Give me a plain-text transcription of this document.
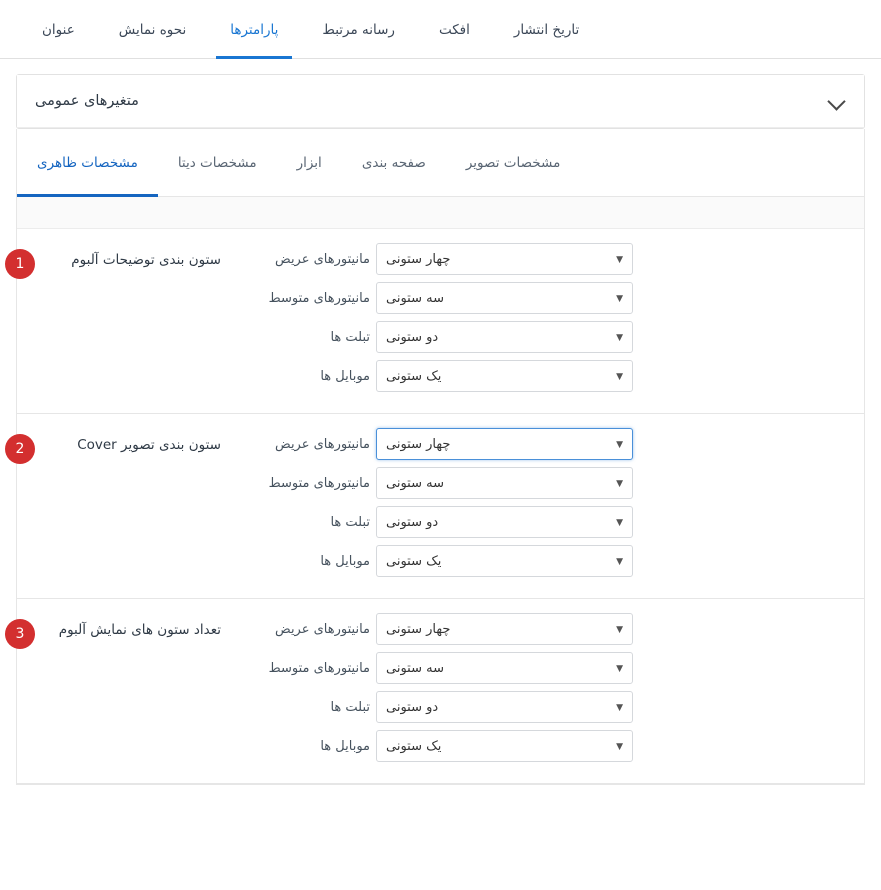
عنوان	نحوه نمایش	پارامترها	رسانه مرتبط	افکت	تاریخ انتشار
متغیرهای عمومی
مشخصات ظاهری	مشخصات دیتا	ابزار	صفحه بندی	مشخصات تصویر
ستون بندی توضیحات آلبوم
1	مانیتورهای عریض	چهار ستونی	▼
مانیتورهای متوسط	سه ستونی	▼
تبلت ها	دو ستونی	▼
موبایل ها	یک ستونی	▼
ستون بندی تصویر Cover
2	مانیتورهای عریض	چهار ستونی	▼
مانیتورهای متوسط	سه ستونی	▼
تبلت ها	دو ستونی	▼
موبایل ها	یک ستونی	▼
تعداد ستون های نمایش آلبوم
3	مانیتورهای عریض	چهار ستونی	▼
مانیتورهای متوسط	سه ستونی	▼
تبلت ها	دو ستونی	▼
موبایل ها	یک ستونی	▼
